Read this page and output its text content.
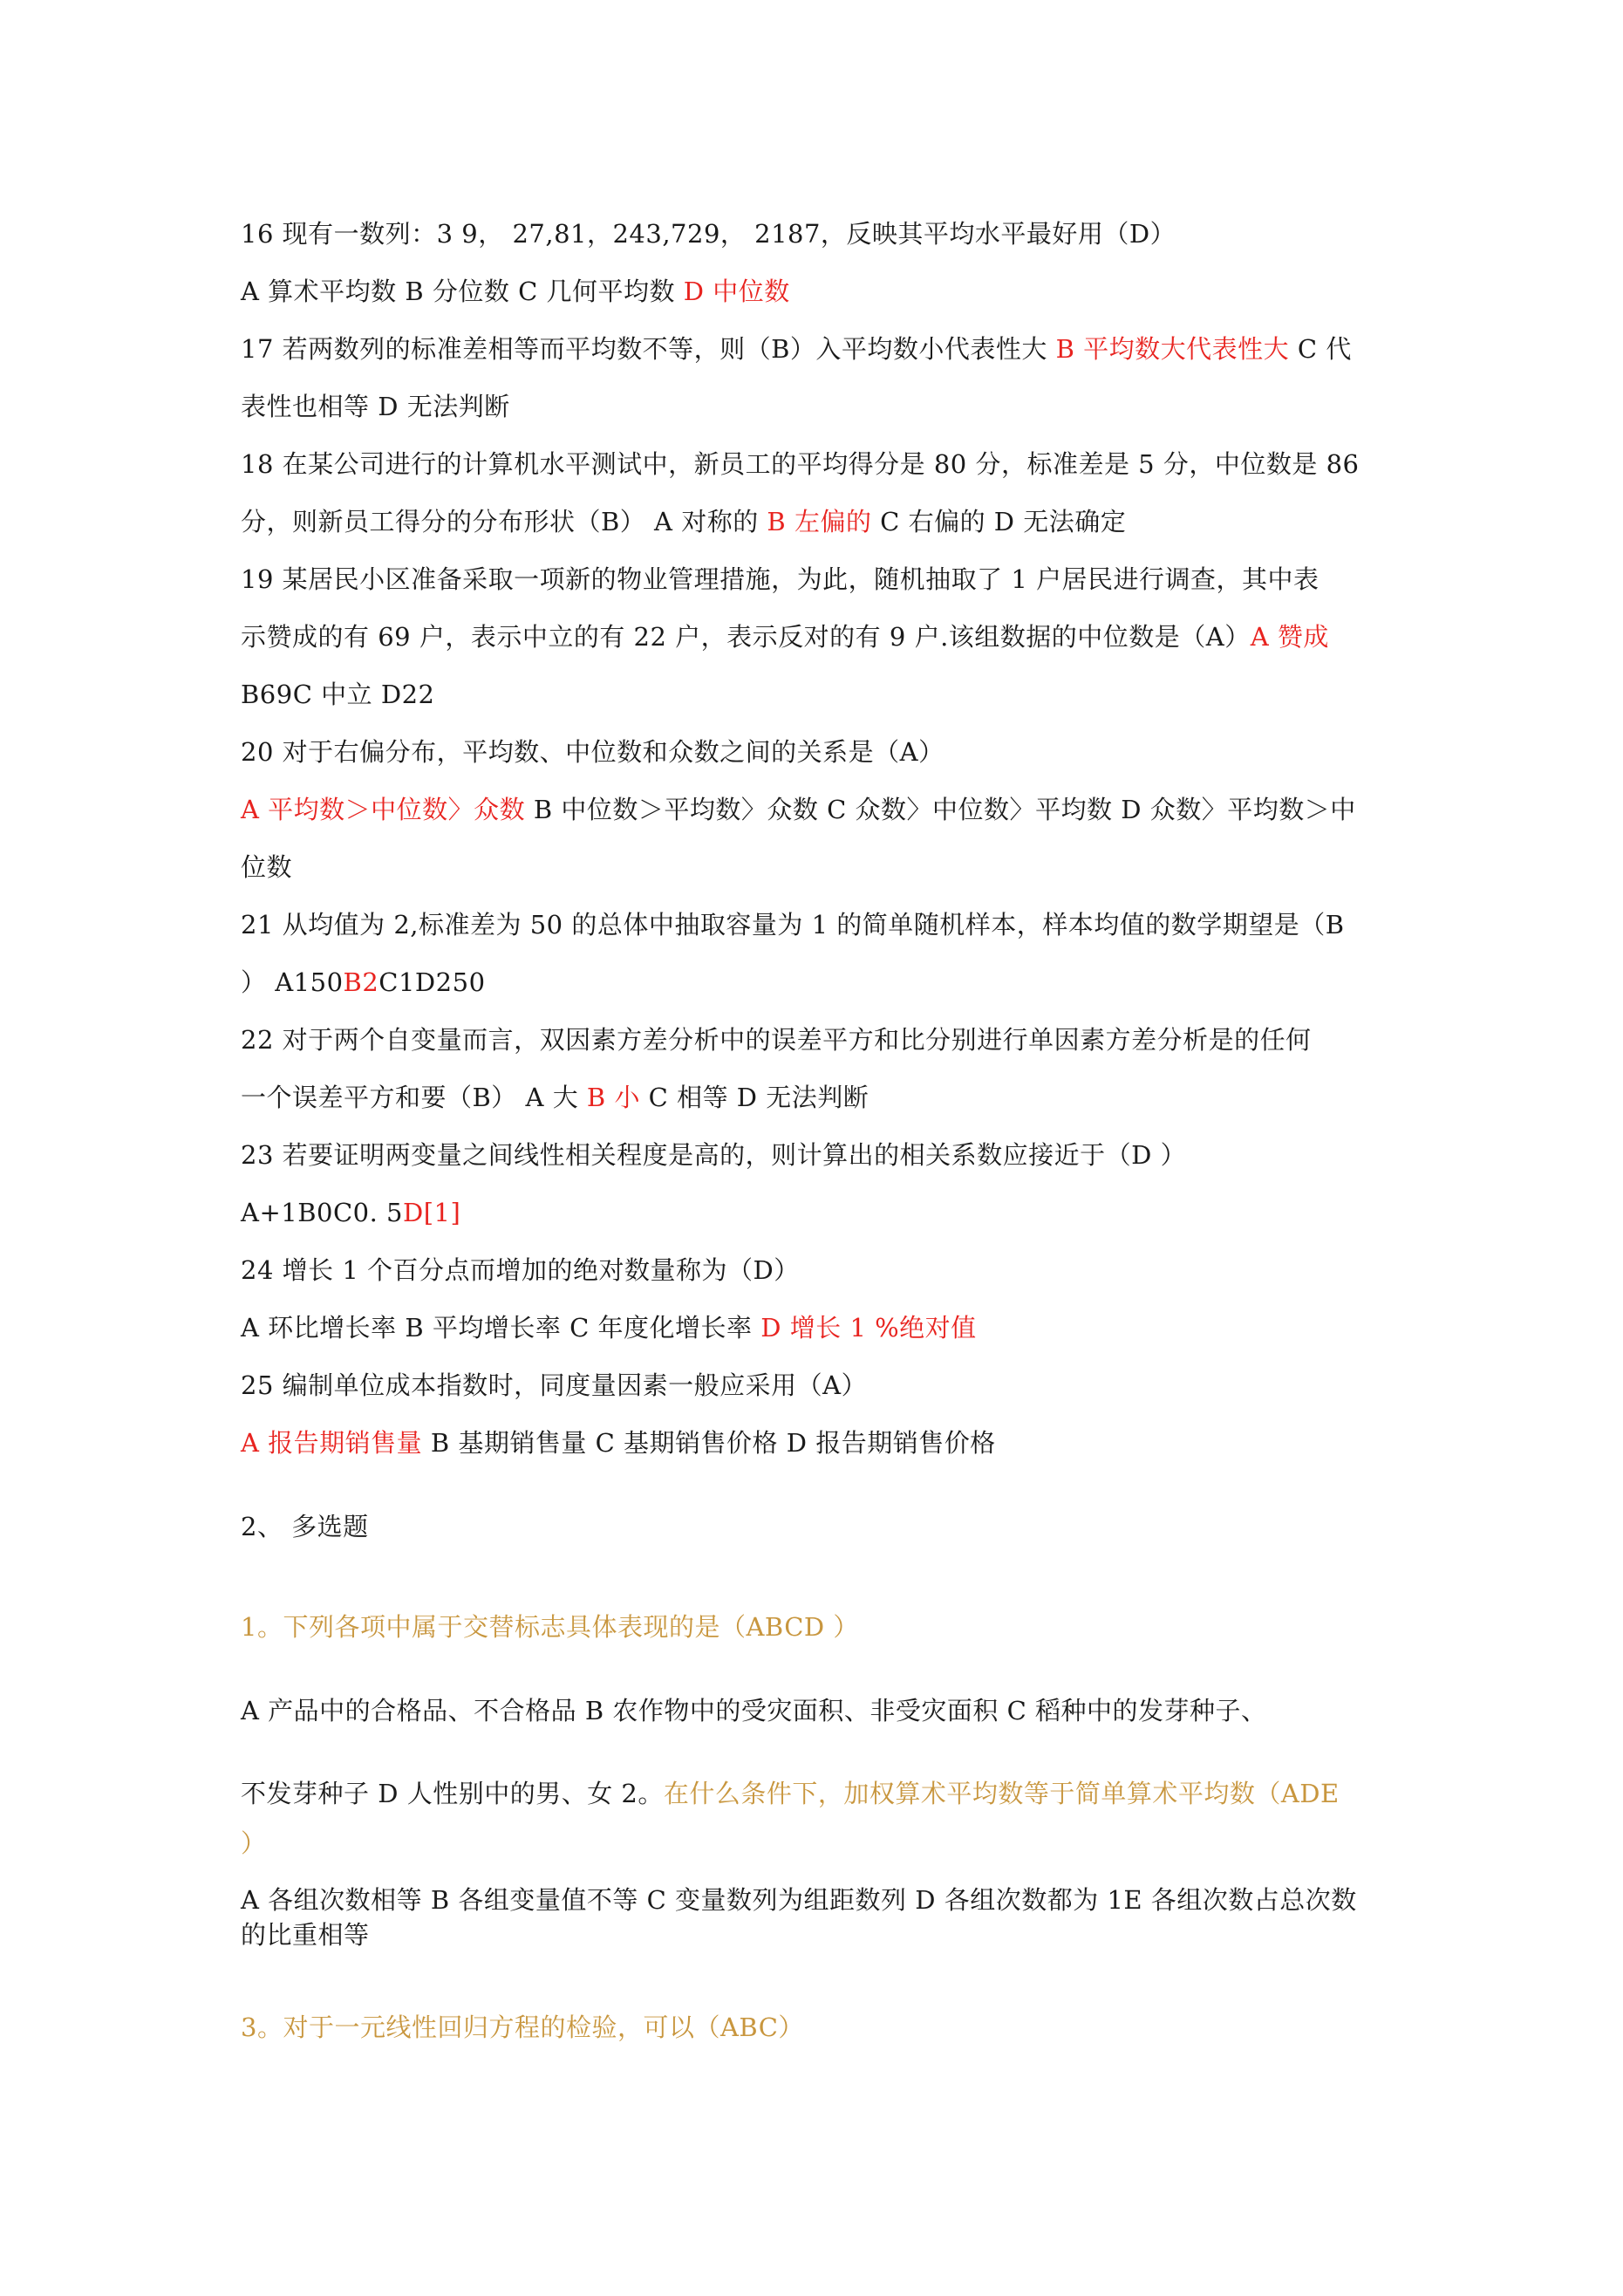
16 现有一数列：3 9， 27,81，243,729， 2187，反映其平均水平最好用（D）
A 算术平均数 B 分位数 C 几何平均数 D 中位数
17 若两数列的标准差相等而平均数不等，则（B）入平均数小代表性大 B 平均数大代表性大 C 代
表性也相等 D 无法判断
18 在某公司进行的计算机水平测试中，新员工的平均得分是 80 分，标准差是 5 分，中位数是 86
分，则新员工得分的分布形状（B） A 对称的 B 左偏的 C 右偏的 D 无法确定
19 某居民小区准备采取一项新的物业管理措施，为此，随机抽取了 1 户居民进行调查，其中表
示赞成的有 69 户，表示中立的有 22 户，表示反对的有 9 户.该组数据的中位数是（A）A 赞成
B69C 中立 D22
20 对于右偏分布，平均数、中位数和众数之间的关系是（A）
A 平均数＞中位数〉众数 B 中位数＞平均数〉众数 C 众数〉中位数〉平均数 D 众数〉平均数＞中
位数
21 从均值为 2,标准差为 50 的总体中抽取容量为 1 的简单随机样本，样本均值的数学期望是（B
） A150B2C1D250
22 对于两个自变量而言，双因素方差分析中的误差平方和比分别进行单因素方差分析是的任何
一个误差平方和要（B） A 大 B 小 C 相等 D 无法判断
23 若要证明两变量之间线性相关程度是高的，则计算出的相关系数应接近于（D ）
A+1B0C0. 5D[1]
24 增长 1 个百分点而增加的绝对数量称为（D）
A 环比增长率 B 平均增长率 C 年度化增长率 D 增长 1 %绝对值
25 编制单位成本指数时，同度量因素一般应采用（A）
A 报告期销售量 B 基期销售量 C 基期销售价格 D 报告期销售价格
2、 多选题
1。下列各项中属于交替标志具体表现的是（ABCD ）
A 产品中的合格品、不合格品 B 农作物中的受灾面积、非受灾面积 C 稻种中的发芽种子、
不发芽种子 D 人性别中的男、女 2。在什么条件下，加权算术平均数等于简单算术平均数（ADE
）
A 各组次数相等 B 各组变量值不等 C 变量数列为组距数列 D 各组次数都为 1E 各组次数占总次数
的比重相等
3。对于一元线性回归方程的检验，可以（ABC）
